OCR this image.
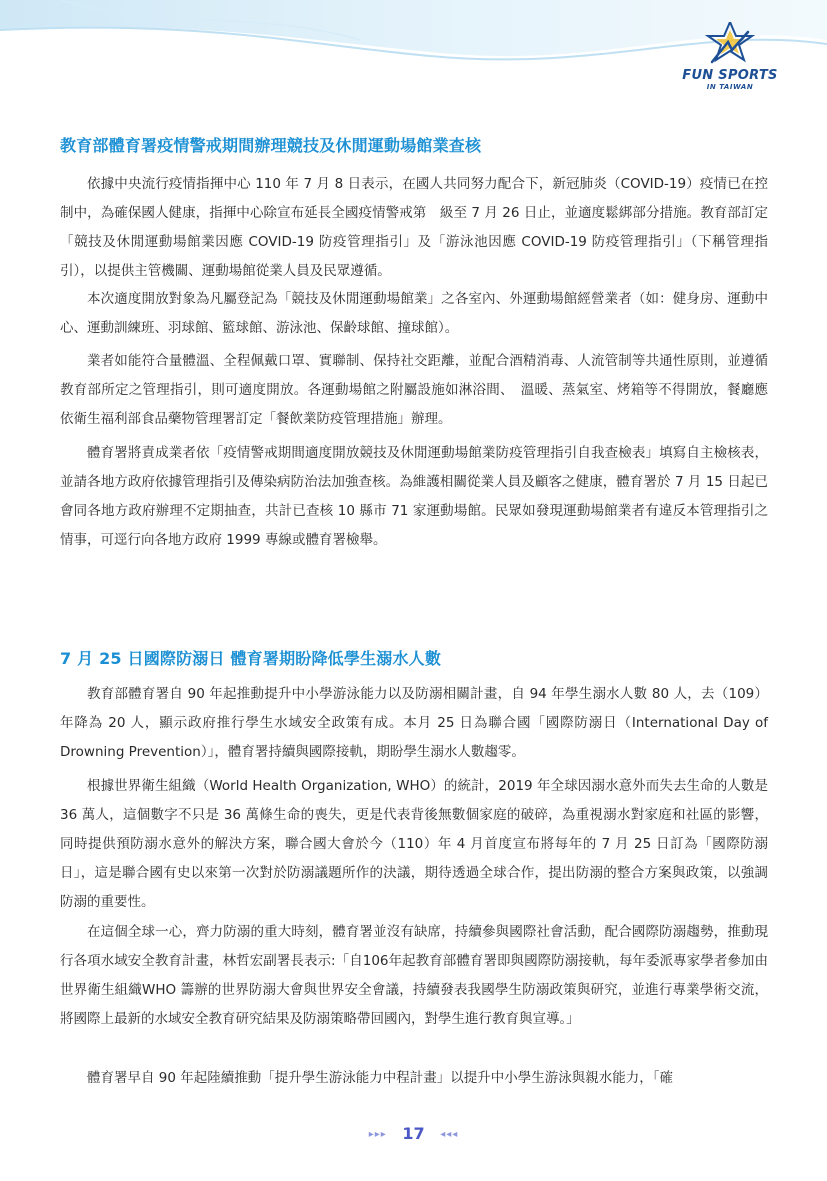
FUN SPORTS
IN TAIWAN
教育部體育署疫情警戒期間辦理競技及休閒運動場館業查核

依據中央流行疫情指揮中心 110 年 7 月 8 日表示，在國人共同努力配合下，新冠肺炎（COVID-19）疫情已在控制中，為確保國人健康，指揮中心除宣布延長全國疫情警戒第　級至 7 月 26 日止，並適度鬆綁部分措施。教育部訂定「競技及休閒運動場館業因應 COVID-19 防疫管理指引」及「游泳池因應 COVID-19 防疫管理指引」（下稱管理指引），以提供主管機關、運動場館從業人員及民眾遵循。

本次適度開放對象為凡屬登記為「競技及休閒運動場館業」之各室內、外運動場館經營業者（如：健身房、運動中心、運動訓練班、羽球館、籃球館、游泳池、保齡球館、撞球館）。

業者如能符合量體溫、全程佩戴口罩、實聯制、保持社交距離，並配合酒精消毒、人流管制等共通性原則，並遵循教育部所定之管理指引，則可適度開放。各運動場館之附屬設施如淋浴間、　溫暖、蒸氣室、烤箱等不得開放，餐廳應依衛生福利部食品藥物管理署訂定「餐飲業防疫管理措施」辦理。

體育署將責成業者依「疫情警戒期間適度開放競技及休閒運動場館業防疫管理指引自我查檢表」填寫自主檢核表，並請各地方政府依據管理指引及傳染病防治法加強查核。為維護相關從業人員及顧客之健康，體育署於 7 月 15 日起已會同各地方政府辦理不定期抽查，共計已查核 10 縣市 71 家運動場館。民眾如發現運動場館業者有違反本管理指引之情事，可逕行向各地方政府 1999 專線或體育署檢舉。

7 月 25 日國際防溺日 體育署期盼降低學生溺水人數

教育部體育署自 90 年起推動提升中小學游泳能力以及防溺相關計畫，自 94 年學生溺水人數 80 人，去（109）年降為 20 人，顯示政府推行學生水域安全政策有成。本月 25 日為聯合國「國際防溺日（International Day of Drowning Prevention）」，體育署持續與國際接軌，期盼學生溺水人數趨零。

根據世界衛生組織（World Health Organization, WHO）的統計，2019 年全球因溺水意外而失去生命的人數是 36 萬人，這個數字不只是 36 萬條生命的喪失，更是代表背後無數個家庭的破碎，為重視溺水對家庭和社區的影響，同時提供預防溺水意外的解決方案，聯合國大會於今（110）年 4 月首度宣布將每年的 7 月 25 日訂為「國際防溺日」，這是聯合國有史以來第一次對於防溺議題所作的決議，期待透過全球合作，提出防溺的整合方案與政策，以強調防溺的重要性。

在這個全球一心，齊力防溺的重大時刻，體育署並沒有缺席，持續參與國際社會活動，配合國際防溺趨勢，推動現行各項水域安全教育計畫，林哲宏副署長表示:「自106年起教育部體育署即與國際防溺接軌，每年委派專家學者參加由世界衛生組織WHO 籌辦的世界防溺大會與世界安全會議，持續發表我國學生防溺政策與研究，並進行專業學術交流，將國際上最新的水域安全教育研究結果及防溺策略帶回國內，對學生進行教育與宣導。」

體育署早自 90 年起陸續推動「提升學生游泳能力中程計畫」以提升中小學生游泳與親水能力，「確

▸▸▸ 17 ◂◂◂
